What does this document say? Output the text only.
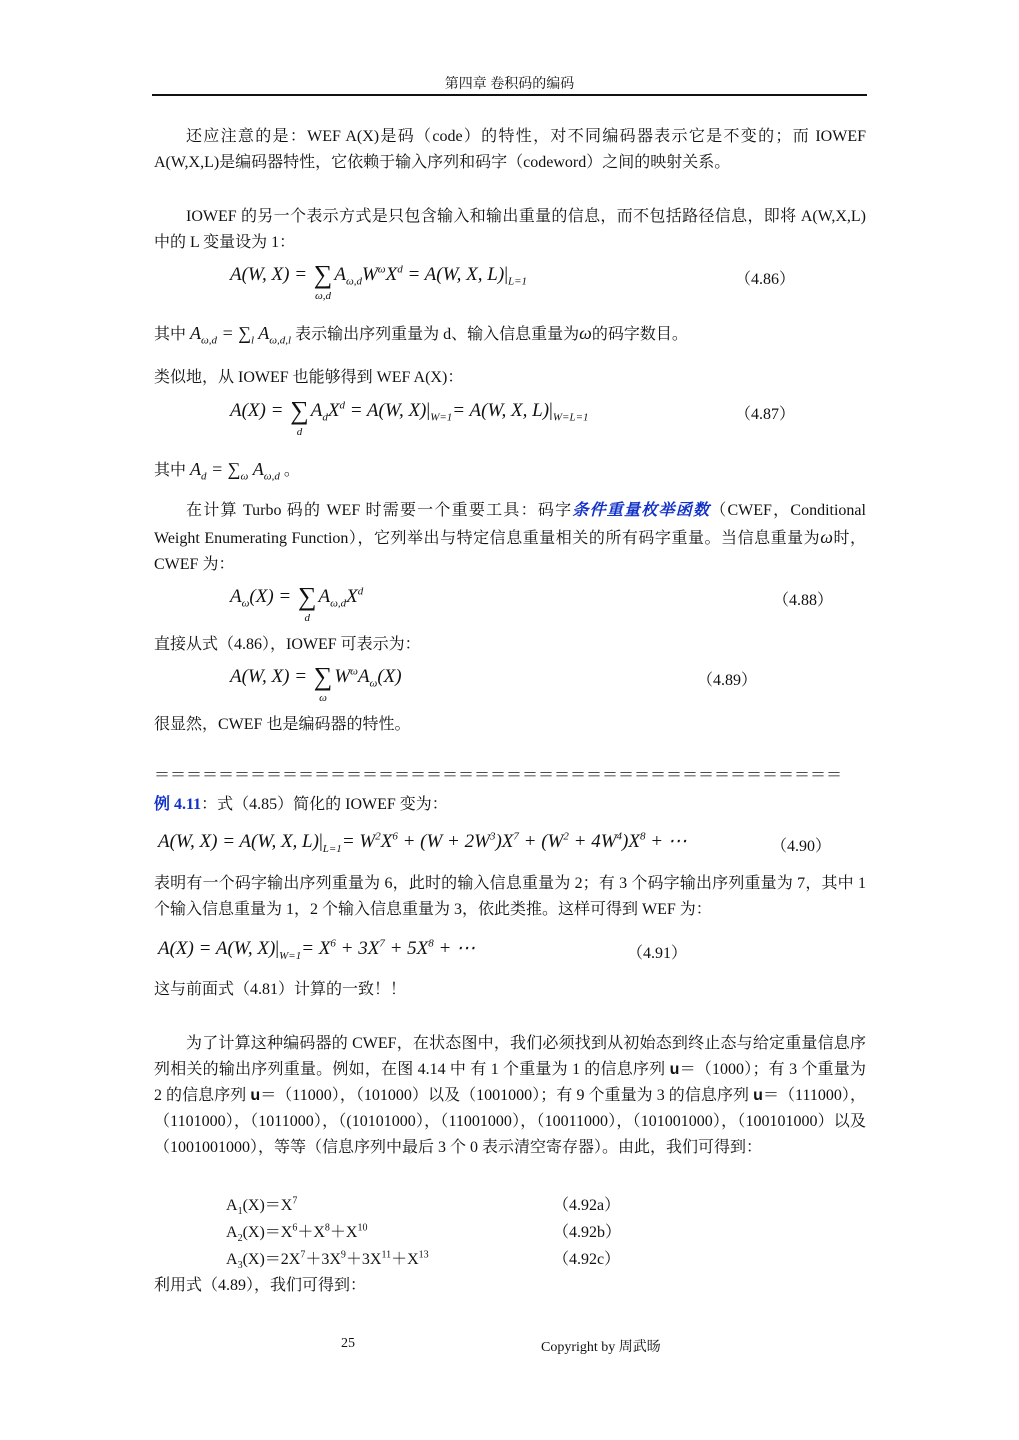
第四章 卷积码的编码
还应注意的是：WEF A(X)是码（code）的特性，对不同编码器表示它是不变的；而 IOWEF A(W,X,L)是编码器特性，它依赖于输入序列和码字（codeword）之间的映射关系。
IOWEF 的另一个表示方式是只包含输入和输出重量的信息，而不包括路径信息，即将 A(W,X,L)中的 L 变量设为 1：
A(W, X) = ∑
ω,d
$A_{\omega,d}W^\omega X^d = A(W$, X, $L)|_{L=1}$	（4.86）
其中 $A_{\omega,d} = \sum_l$ $A_{\omega,d,l}$ 表示输出序列重量为 d、输入信息重量为ω的码字数目。
类似地，从 IOWEF 也能够得到 WEF A(X)：
A(X) = ∑
d
$A_dX^d = A(W$, $X)|_{W=1}= A(W$, X, $L)|_{W=L=1}$	（4.87）
其中 $A_d = \sum_\omega$ $A_{\omega,d}$ 。
在计算 Turbo 码的 WEF 时需要一个重要工具：码字条件重量枚举函数（CWEF，Conditional Weight Enumerating Function），它列举出与特定信息重量相关的所有码字重量。当信息重量为ω时，CWEF 为：
$A_\omega(X)$ = ∑
d
$A_{\omega,d}X^d$
（4.88）
直接从式（4.86），IOWEF 可表示为：
A(W, X) = ∑
ω
$W^\omega A_\omega(X)$	（4.89）
很显然，CWEF 也是编码器的特性。
＝＝＝＝＝＝＝＝＝＝＝＝＝＝＝＝＝＝＝＝＝＝＝＝＝＝＝＝＝＝＝＝＝＝＝＝＝＝＝＝＝＝＝
例 4.11：式（4.85）简化的 IOWEF 变为：
A(W, X) = A(W, X, $L)|_{L=1}= W^2X^6 + (W + 2W^3)X^7 + (W^2 + 4W^4)X^8$ + ⋯	（4.90）
表明有一个码字输出序列重量为 6，此时的输入信息重量为 2；有 3 个码字输出序列重量为 7，其中 1 个输入信息重量为 1，2 个输入信息重量为 3，依此类推。这样可得到 WEF 为：
A(X) = A(W, $X)|_{W=1}= X^6 + 3X^7 + 5X^8$ + ⋯	（4.91）
这与前面式（4.81）计算的一致！！
为了计算这种编码器的 CWEF，在状态图中，我们必须找到从初始态到终止态与给定重量信息序列相关的输出序列重量。例如，在图 4.14 中 有 1 个重量为 1 的信息序列 u＝（1000）；有 3 个重量为 2 的信息序列 u＝（11000），（101000）以及（1001000）；有 9 个重量为 3 的信息序列 u＝（111000），（1101000），（1011000），（(10101000），（11001000），（10011000），（101001000），（100101000）以及（1001001000），等等（信息序列中最后 3 个 0 表示清空寄存器）。由此，我们可得到：
$A_1(X)=X^7$	（4.92a）
$A_2(X)=X^6+X^8+X^{10}$	（4.92b）
$A_3(X)=2X^7+3X^9+3X^{11}+X^{13}$	（4.92c）
利用式（4.89），我们可得到：
25	Copyright by 周武旸
